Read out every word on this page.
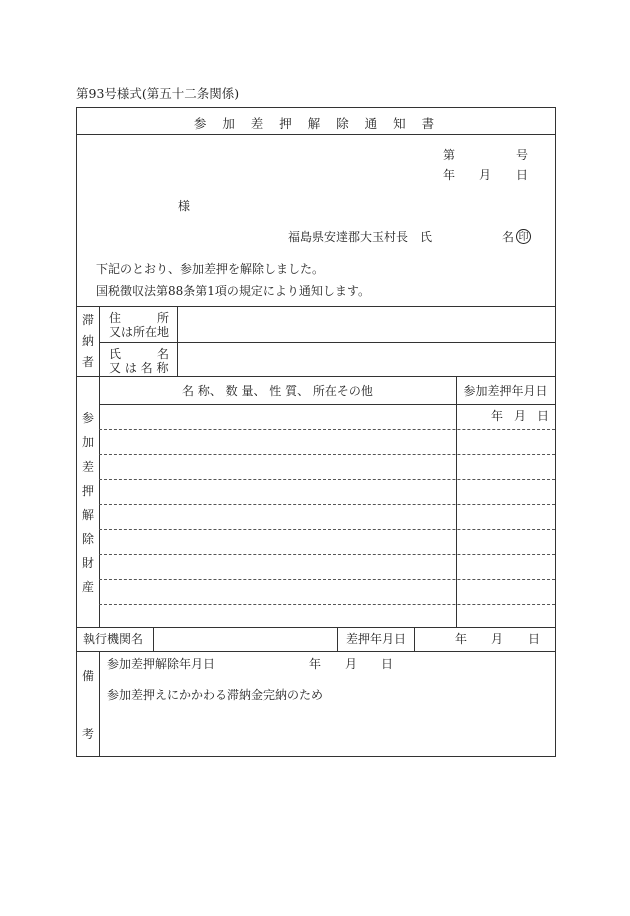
第93号様式(第五十二条関係)
参 加 差 押 解 除 通 知 書
第	号
年 月 日
様
福島県安達郡大玉村長 氏	名 印
下記のとおり、参加差押を解除しました。
国税徴収法第88条第1項の規定により通知します。
滞
納
者
住	所
又は所在地
氏	名
又 は 名 称
名 称、 数 量、 性 質、 所在その他	参加差押年月日
年 月 日
参
加
差
押
解
除
財
産
執行機関名	差押年月日	年 月 日
備
考
参加差押解除年月日	年 月 日
参加差押えにかかわる滞納金完納のため
